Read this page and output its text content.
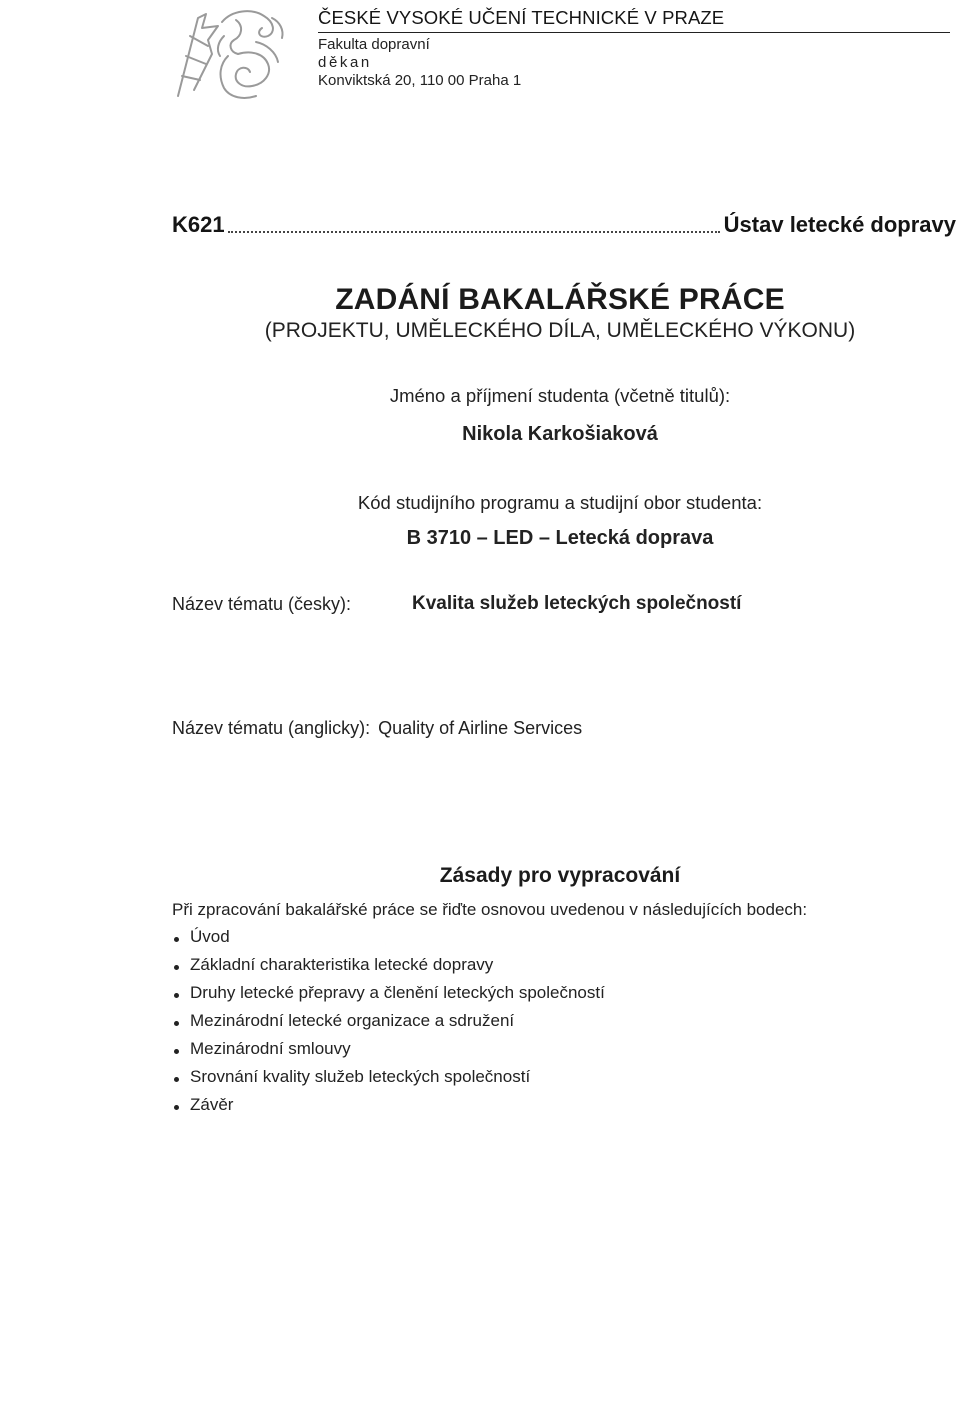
ČESKÉ VYSOKÉ UČENÍ TECHNICKÉ V PRAZE
Fakulta dopravní
děkan
Konviktská 20, 110 00 Praha 1
K621	Ústav letecké dopravy
ZADÁNÍ BAKALÁŘSKÉ PRÁCE
(PROJEKTU, UMĚLECKÉHO DÍLA, UMĚLECKÉHO VÝKONU)
Jméno a příjmení studenta (včetně titulů):
Nikola Karkošiaková
Kód studijního programu a studijní obor studenta:
B 3710 – LED – Letecká doprava
Název tématu (česky):	Kvalita služeb leteckých společností
Název tématu (anglicky): Quality of Airline Services
Zásady pro vypracování
Při zpracování bakalářské práce se řiďte osnovou uvedenou v následujících bodech:
Úvod
Základní charakteristika letecké dopravy
Druhy letecké přepravy a členění leteckých společností
Mezinárodní letecké organizace a sdružení
Mezinárodní smlouvy
Srovnání kvality služeb leteckých společností
Závěr
